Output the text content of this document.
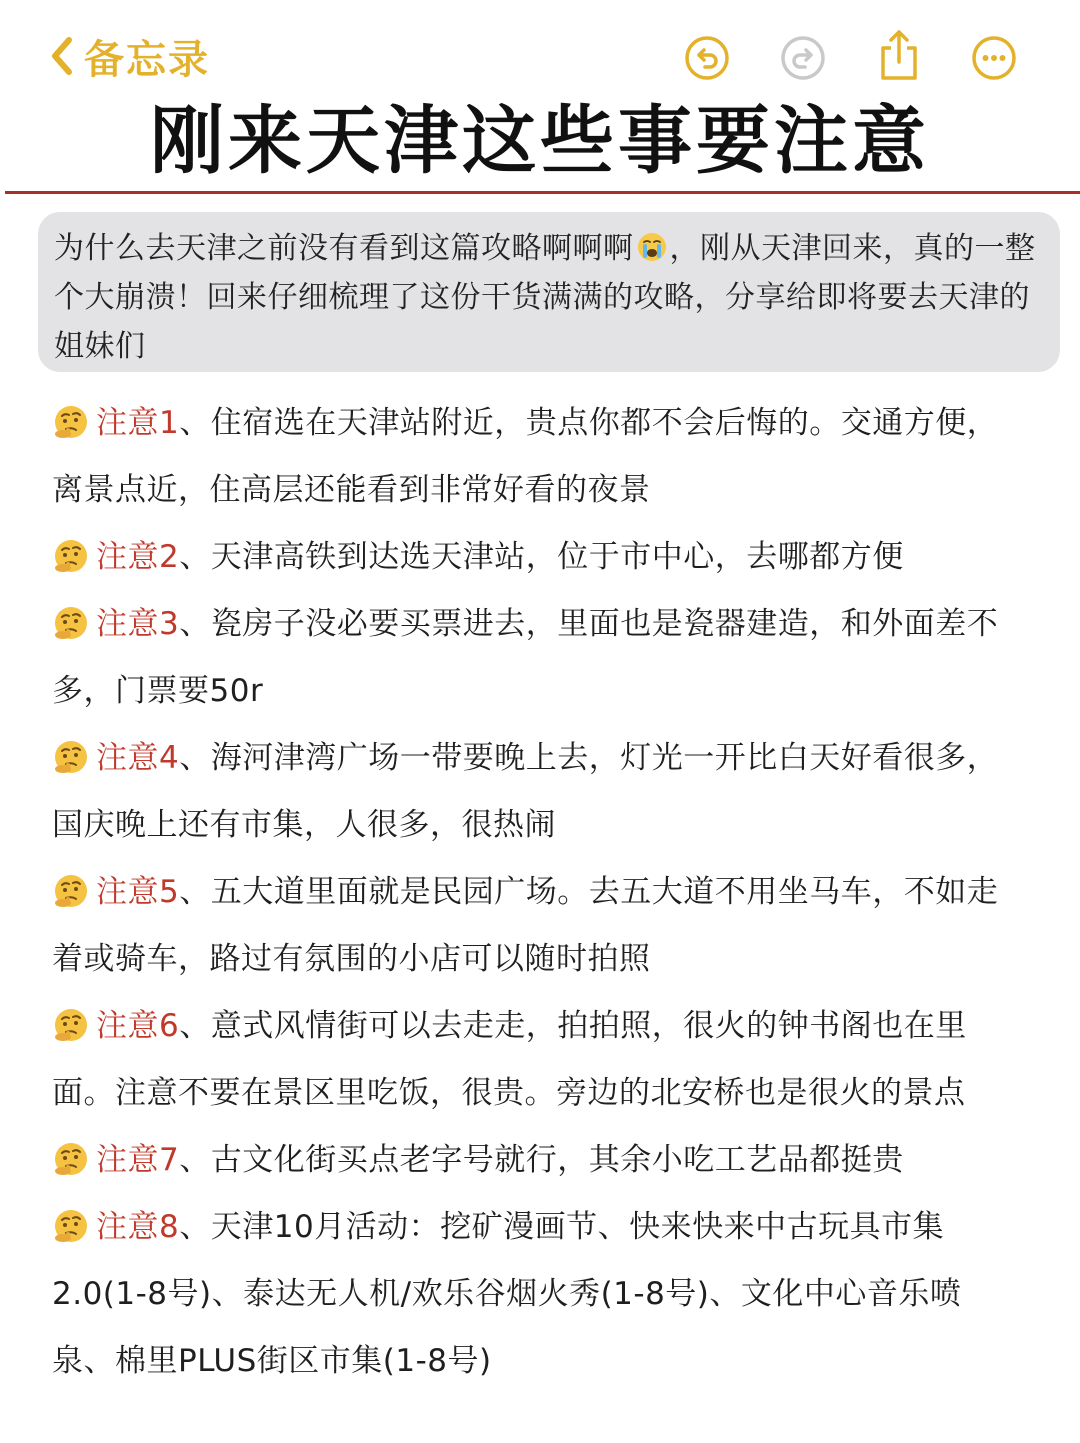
备忘录
刚来天津这些事要注意
为什么去天津之前没有看到这篇攻略啊啊啊 ，刚从天津回来，真的一整个大崩溃！回来仔细梳理了这份干货满满的攻略，分享给即将要去天津的姐妹们
注意1、住宿选在天津站附近，贵点你都不会后悔的。交通方便，离景点近，住高层还能看到非常好看的夜景
注意2、天津高铁到达选天津站，位于市中心，去哪都方便
注意3、瓷房子没必要买票进去，里面也是瓷器建造，和外面差不多，门票要50r
注意4、海河津湾广场一带要晚上去，灯光一开比白天好看很多，国庆晚上还有市集，人很多，很热闹
注意5、五大道里面就是民园广场。去五大道不用坐马车，不如走着或骑车，路过有氛围的小店可以随时拍照
注意6、意式风情街可以去走走，拍拍照，很火的钟书阁也在里面。注意不要在景区里吃饭，很贵。旁边的北安桥也是很火的景点
注意7、古文化街买点老字号就行，其余小吃工艺品都挺贵
注意8、天津10月活动：挖矿漫画节、快来快来中古玩具市集2.0(1-8号)、泰达无人机/欢乐谷烟火秀(1-8号)、文化中心音乐喷泉、棉里PLUS街区市集(1-8号)
